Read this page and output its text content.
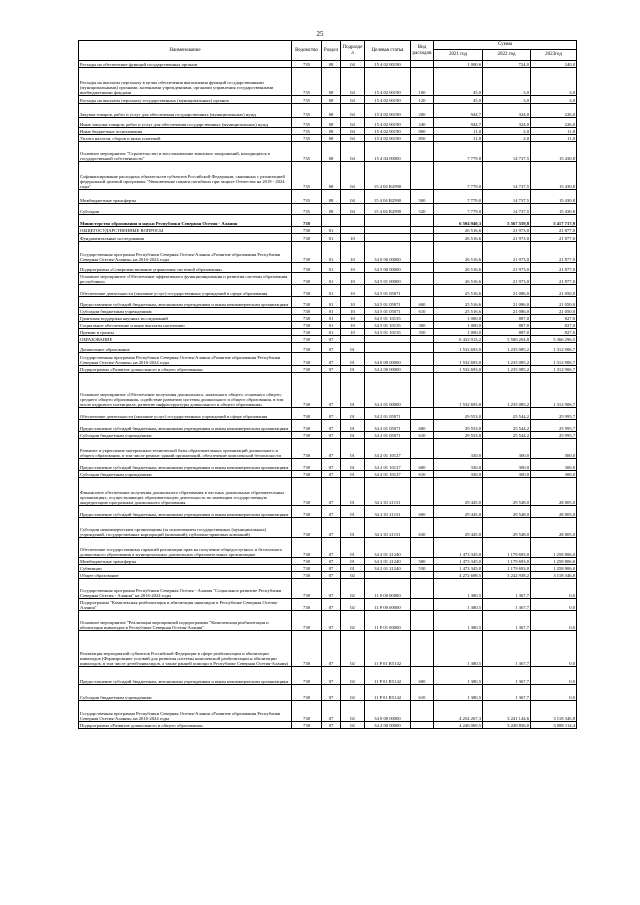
25
Наименование	Ведомство	Раздел	Подраздел	Целевая статья	Вид расходов	Сумма		
						2021 год	2022 год	2023год
Расходы на обеспечение функций государственных органов	735	08	04	15 4 02 00190		1 000,6	724,0	240,0
Расходы на выплаты персоналу в целях обеспечения выполнения функций государственными (муниципальными) органами, казенными учреждениями, органами управления государственными внебюджетными фондами	735	08	04	15 4 02 00190	100	45,0	3,0	3,0
Расходы на выплаты персоналу государственных (муниципальных) органов	735	08	04	15 4 02 00190	120	45,0	3,0	3,0
Закупка товаров, работ и услуг для обеспечения государственных (муниципальных) нужд	735	08	04	15 4 02 00190	200	944,7	324,0	226,0
Иные закупки товаров, работ и услуг для обеспечения государственных (муниципальных) нужд	735	08	04	15 4 02 00190	240	944,7	324,0	226,0
Иные бюджетные ассигнования	735	08	04	15 4 02 00190	800	11,0	2,0	11,0
Уплата налогов, сборов и иных платежей	735	08	04	15 4 02 00190	850	11,0	2,0	11,0
Основное мероприятие "Строительство и восстановление воинских захоронений, находящихся в государственной собственности"	735	08	04	15 4 04 00000		7 779,0	14 737,5	15 430,8
Софинансирование расходных обязательств субъектов Российской Федерации, связанных с реализацией федеральной целевой программы "Увековечение памяти погибших при защите Отечества на 2019 - 2024 годы"	735	08	04	15 4 04 R2990		7 779,0	14 737,5	15 430,8
Межбюджетные трансферты	735	08	04	15 4 04 R2990	500	7 779,0	14 737,5	15 430,8
Субсидии	735	08	04	15 4 04 R2990	520	7 779,0	14 737,5	15 430,8
Министерство образования и науки Республики Северная Осетия - Алания	738					6 504 940,3	5 567 559,8	5 417 717,9
ОБЩЕГОСУДАРСТВЕННЫЕ ВОПРОСЫ	738	01				26 516,6	21 973,0	21 877,0
Фундаментальные исследования	738	01	10			26 516,6	21 973,0	21 877,0
Государственная программа Республики Северная Осетия-Алания «Развитие образования Республики Северная Осетия-Алания» на 2016-2024 годы	738	01	10	34 0 00 00000		26 516,6	21 973,0	21 877,0
Подпрограмма «Совершенствование управления системой образования»	738	01	10	34 5 00 00000		26 516,6	21 973,0	21 877,0
Основное мероприятие «Обеспечение эффективного функционирования и развития системы образования республики»	738	01	10	34 5 01 00000		26 516,6	21 973,0	21 877,0
Обеспечение деятельности (оказание услуг) государственных учреждений в сфере образования	738	01	10	34 5 01 05071		25 516,6	21 086,0	21 050,0
Предоставление субсидий бюджетным, автономным учреждениям и иным некоммерческим организациям	738	01	10	34 5 01 05071	600	25 516,6	21 086,0	21 050,0
Субсидии бюджетным учреждениям	738	01	10	34 5 01 05071	610	25 516,6	21 086,0	21 050,0
Грантовая поддержка научных исследований	738	01	10	34 5 01 10135		1 000,0	887,0	827,0
Социальное обеспечение и иные выплаты населению	738	01	10	34 5 01 10135	300	1 000,0	887,0	827,0
Премии и гранты	738	01	10	34 5 01 10135	350	1 000,0	887,0	827,0
ОБРАЗОВАНИЕ	738	07				6 432 913,2	5 500 204,8	5 366 296,5
Дошкольное образование	738	07	01			1 532 693,0	1 235 085,2	1 312 906,7
Государственная программа Республики Северная Осетия-Алания «Развитие образования Республики Северная Осетия-Алания» на 2016-2024 годы	738	07	01	34 0 00 00000		1 532 693,0	1 235 085,2	1 312 906,7
Подпрограмма «Развитие дошкольного и общего образования»	738	07	01	34 2 00 00000		1 532 693,0	1 235 085,2	1 312 906,7
Основное мероприятие «Обеспечение получения дошкольного, начального общего, основного общего, среднего общего образования, содействие развитию системы дошкольного и общего образования, в том числе кадрового потенциала, развитие инфраструктуры дошкольного и общего образования»	738	07	01	34 2 01 00000		1 532 693,0	1 235 085,2	1 312 906,7
Обеспечение деятельности (оказание услуг) государственных учреждений в сфере образования	738	07	01	34 2 01 05071		29 553,0	25 544,2	25 995,7
Предоставление субсидий бюджетным, автономным учреждениям и иным некоммерческим организациям	738	07	01	34 2 01 05071	600	29 553,0	25 544,2	25 995,7
Субсидии бюджетным учреждениям	738	07	01	34 2 01 05071	610	29 553,0	25 544,2	25 995,7
Развитие и укрепление материально-технической базы образовательных организаций дошкольного и общего образования, в том числе ремонт зданий организаций, обеспечение комплексной безопасности	738	07	01	34 2 01 10127		330,0	300,0	300,0
Предоставление субсидий бюджетным, автономным учреждениям и иным некоммерческим организациям	738	07	01	34 2 01 10127	600	330,0	300,0	300,0
Субсидии бюджетным учреждениям	738	07	01	34 2 01 10127	610	330,0	300,0	300,0
Финансовое обеспечение получения дошкольного образования в частных дошкольных образовательных организациях, осуществляющих образовательную деятельность по имеющим государственную аккредитацию программам дошкольного образования	738	07	01	34 2 01 21131		29 445,0	29 548,0	28 805,0
Предоставление субсидий бюджетным, автономным учреждениям и иным некоммерческим организациям	738	07	01	34 2 01 21131	600	29 445,0	29 548,0	28 805,0
Субсидии некоммерческим организациям (за исключением государственных (муниципальных) учреждений, государственных корпораций (компаний), публично-правовых компаний)	738	07	01	34 2 01 21131	630	29 445,0	29 548,0	28 805,0
Обеспечение государственных гарантий реализации прав на получение общедоступного и бесплатного дошкольного образования в муниципальных дошкольных образовательных организациях	738	07	01	34 2 01 21240		1 473 345,0	1 179 693,0	1 258 806,0
Межбюджетные трансферты	738	07	01	34 2 01 21240	500	1 473 345,0	1 179 693,0	1 258 806,0
Субвенции	738	07	01	34 2 01 21240	530	1 473 345,0	1 179 693,0	1 258 806,0
Общее образование	738	07	02			4 272 698,5	3 242 938,2	3 118 346,8
Государственная программа Республики Северная Осетия - Алания "Социальное развитие Республики Северная Осетия - Алания" на 2016-2024 годы	738	07	02	11 0 00 00000		1 380,5	1 367,7	0,0
Подпрограмма "Комплексная реабилитация и абилитация инвалидов в Республике Северная Осетия-Алания"	738	07	02	11 P 00 00000		1 380,5	1 367,7	0,0
Основное мероприятие "Реализация мероприятий подпрограммы "Комплексная реабилитация и абилитация инвалидов в Республике Северная Осетия-Алания"	738	07	02	11 P 01 00000		1 380,5	1 367,7	0,0
Реализация мероприятий субъектов Российской Федерации в сфере реабилитации и абилитации инвалидов (Формирование условий для развития системы комплексной реабилитации и абилитации инвалидов, в том числе детей-инвалидов, а также ранней помощи в Республике Северная Осетия-Алания)	738	07	02	11 P 01 R5142		1 380,5	1 367,7	0,0
Предоставление субсидий бюджетным, автономным учреждениям и иным некоммерческим организациям	738	07	02	11 P 01 R5142	600	1 380,5	1 367,7	0,0
Субсидии бюджетным учреждениям	738	07	02	11 P 01 R5142	610	1 380,5	1 367,7	0,0
Государственная программа Республики Северная Осетия-Алания «Развитие образования Республики Северная Осетия-Алания» на 2016-2024 годы	738	07	02	34 0 00 00000		4 254 267,3	3 241 144,6	3 118 346,8
Подпрограмма «Развитие дошкольного и общего образования»	738	07	02	34 2 00 00000		4 246 069,5	3 249 856,0	3 088 114,4
